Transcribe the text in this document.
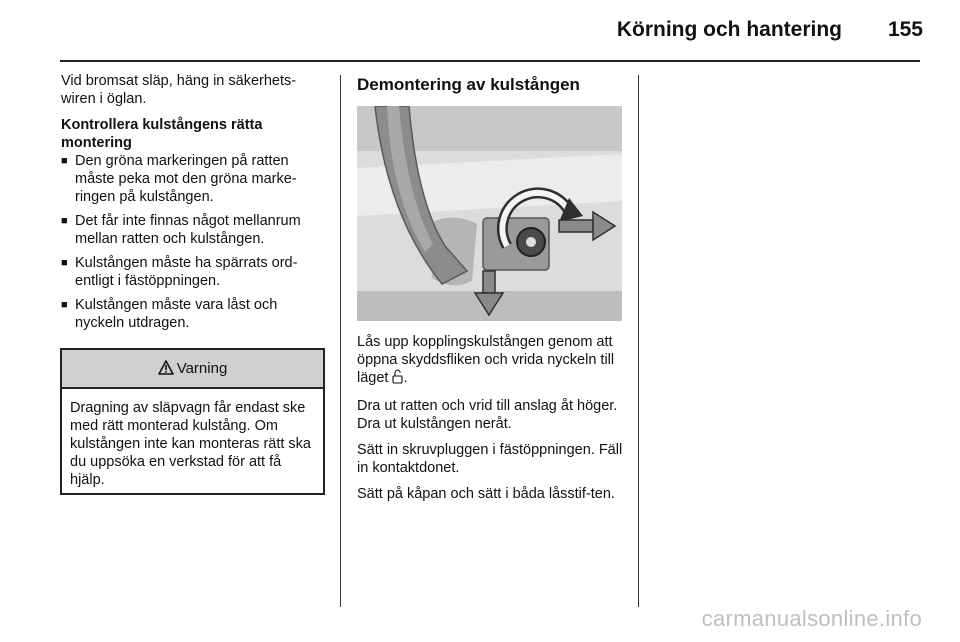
Körning och hantering 155

Vid bromsat släp, häng in säkerhets-wiren i öglan.

Kontrollera kulstångens rätta montering

■ Den gröna markeringen på ratten måste peka mot den gröna marke-ringen på kulstången.
■ Det får inte finnas något mellanrum mellan ratten och kulstången.
■ Kulstången måste ha spärrats ord-entligt i fästöppningen.
■ Kulstången måste vara låst och nyckeln utdragen.
Varning
Dragning av släpvagn får endast ske med rätt monterad kulstång. Om kulstången inte kan monteras rätt ska du uppsöka en verkstad för att få hjälp.
Demontering av kulstången

Lås upp kopplingskulstången genom att öppna skyddsfliken och vrida nyckeln till läget .

Dra ut ratten och vrid till anslag åt höger. Dra ut kulstången neråt.

Sätt in skruvpluggen i fästöppningen. Fäll in kontaktdonet.

Sätt på kåpan och sätt i båda låsstif-ten.

carmanualsonline.info
